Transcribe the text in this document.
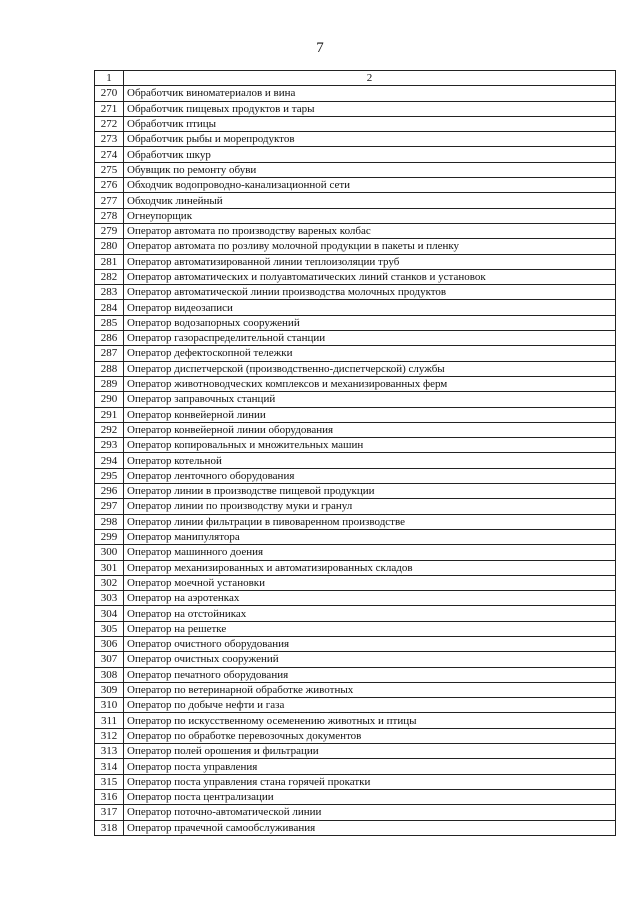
7
1	2
270	Обработчик виноматериалов и вина
271	Обработчик пищевых продуктов и тары
272	Обработчик птицы
273	Обработчик рыбы и морепродуктов
274	Обработчик шкур
275	Обувщик по ремонту обуви
276	Обходчик водопроводно-канализационной сети
277	Обходчик линейный
278	Огнеупорщик
279	Оператор автомата по производству вареных колбас
280	Оператор автомата по розливу молочной продукции в пакеты и пленку
281	Оператор автоматизированной линии теплоизоляции труб
282	Оператор автоматических и полуавтоматических линий станков и установок
283	Оператор автоматической линии производства молочных продуктов
284	Оператор видеозаписи
285	Оператор водозапорных сооружений
286	Оператор газораспределительной станции
287	Оператор дефектоскопной тележки
288	Оператор диспетчерской (производственно-диспетчерской) службы
289	Оператор животноводческих комплексов и механизированных ферм
290	Оператор заправочных станций
291	Оператор конвейерной линии
292	Оператор конвейерной линии оборудования
293	Оператор копировальных и множительных машин
294	Оператор котельной
295	Оператор ленточного оборудования
296	Оператор линии в производстве пищевой продукции
297	Оператор линии по производству муки и гранул
298	Оператор линии фильтрации в пивоваренном производстве
299	Оператор манипулятора
300	Оператор машинного доения
301	Оператор механизированных и автоматизированных складов
302	Оператор моечной установки
303	Оператор на аэротенках
304	Оператор на отстойниках
305	Оператор на решетке
306	Оператор очистного оборудования
307	Оператор очистных сооружений
308	Оператор печатного оборудования
309	Оператор по ветеринарной обработке животных
310	Оператор по добыче нефти и газа
311	Оператор по искусственному осеменению животных и птицы
312	Оператор по обработке перевозочных документов
313	Оператор полей орошения и фильтрации
314	Оператор поста управления
315	Оператор поста управления стана горячей прокатки
316	Оператор поста централизации
317	Оператор поточно-автоматической линии
318	Оператор прачечной самообслуживания
